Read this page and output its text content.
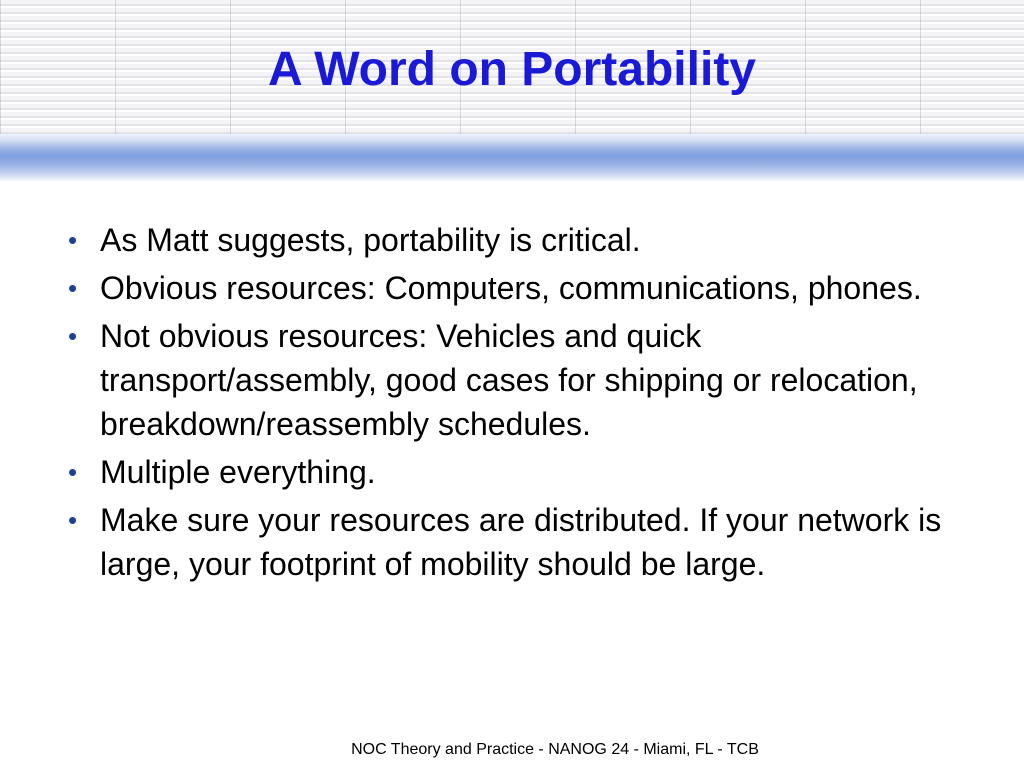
A Word on Portability
• As Matt suggests, portability is critical.
• Obvious resources: Computers, communications, phones.
• Not obvious resources: Vehicles and quick transport/assembly, good cases for shipping or relocation, breakdown/reassembly schedules.
• Multiple everything.
• Make sure your resources are distributed. If your network is large, your footprint of mobility should be large.
NOC Theory and Practice - NANOG 24 - Miami, FL - TCB
